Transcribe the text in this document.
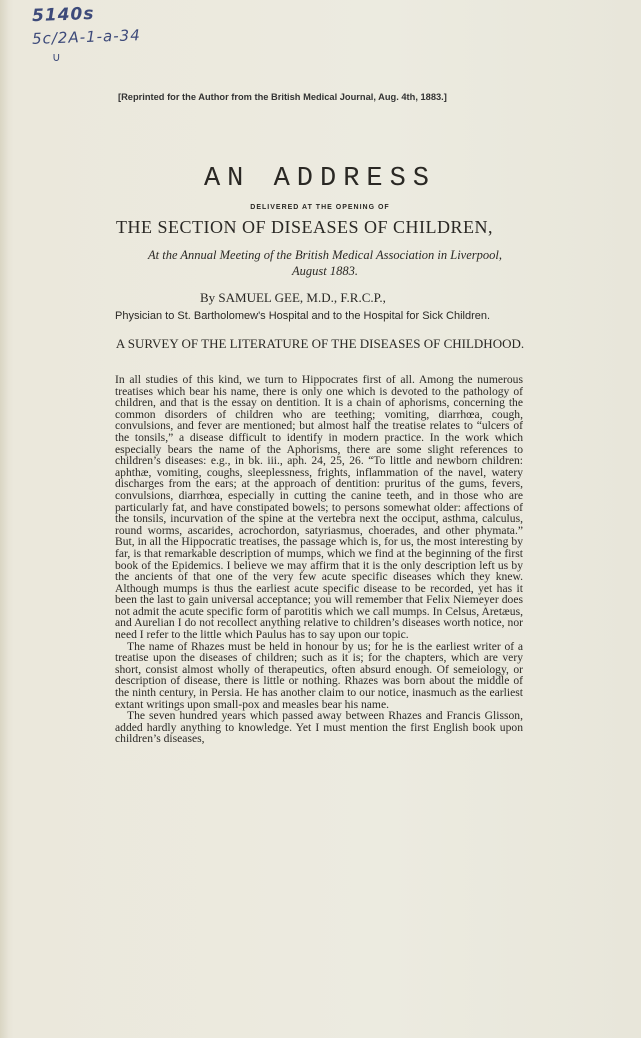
5140s
5c/2A-1-a-34
∪
[Reprinted for the Author from the British Medical Journal, Aug. 4th, 1883.]
AN ADDRESS
DELIVERED AT THE OPENING OF
THE SECTION OF DISEASES OF CHILDREN,
At the Annual Meeting of the British Medical Association in Liverpool, August 1883.
By SAMUEL GEE, M.D., F.R.C.P.,
Physician to St. Bartholomew's Hospital and to the Hospital for Sick Children.
A SURVEY OF THE LITERATURE OF THE DISEASES OF CHILDHOOD.

In all studies of this kind, we turn to Hippocrates first of all. Among the numerous treatises which bear his name, there is only one which is devoted to the pathology of children, and that is the essay on dentition. It is a chain of aphorisms, concerning the common disorders of children who are teething; vomiting, diarrhœa, cough, convulsions, and fever are mentioned; but almost half the treatise relates to “ulcers of the tonsils,” a disease difficult to identify in modern practice. In the work which especially bears the name of the Aphorisms, there are some slight references to children’s diseases: e.g., in bk. iii., aph. 24, 25, 26. “To little and newborn children: aphthæ, vomiting, coughs, sleeplessness, frights, inflammation of the navel, watery discharges from the ears; at the approach of dentition: pruritus of the gums, fevers, convulsions, diarrhœa, especially in cutting the canine teeth, and in those who are particularly fat, and have constipated bowels; to persons somewhat older: affections of the tonsils, incurvation of the spine at the vertebra next the occiput, asthma, calculus, round worms, ascarides, acrochordon, satyriasmus, choerades, and other phymata.” But, in all the Hippocratic treatises, the passage which is, for us, the most interesting by far, is that remarkable description of mumps, which we find at the beginning of the first book of the Epidemics. I believe we may affirm that it is the only description left us by the ancients of that one of the very few acute specific diseases which they knew. Although mumps is thus the earliest acute specific disease to be recorded, yet has it been the last to gain universal acceptance; you will remember that Felix Niemeyer does not admit the acute specific form of parotitis which we call mumps. In Celsus, Aretæus, and Aurelian I do not recollect anything relative to children’s diseases worth notice, nor need I refer to the little which Paulus has to say upon our topic.

The name of Rhazes must be held in honour by us; for he is the earliest writer of a treatise upon the diseases of children; such as it is; for the chapters, which are very short, consist almost wholly of therapeutics, often absurd enough. Of semeiology, or description of disease, there is little or nothing. Rhazes was born about the middle of the ninth century, in Persia. He has another claim to our notice, inasmuch as the earliest extant writings upon small-pox and measles bear his name.

The seven hundred years which passed away between Rhazes and Francis Glisson, added hardly anything to knowledge. Yet I must mention the first English book upon children’s diseases,
